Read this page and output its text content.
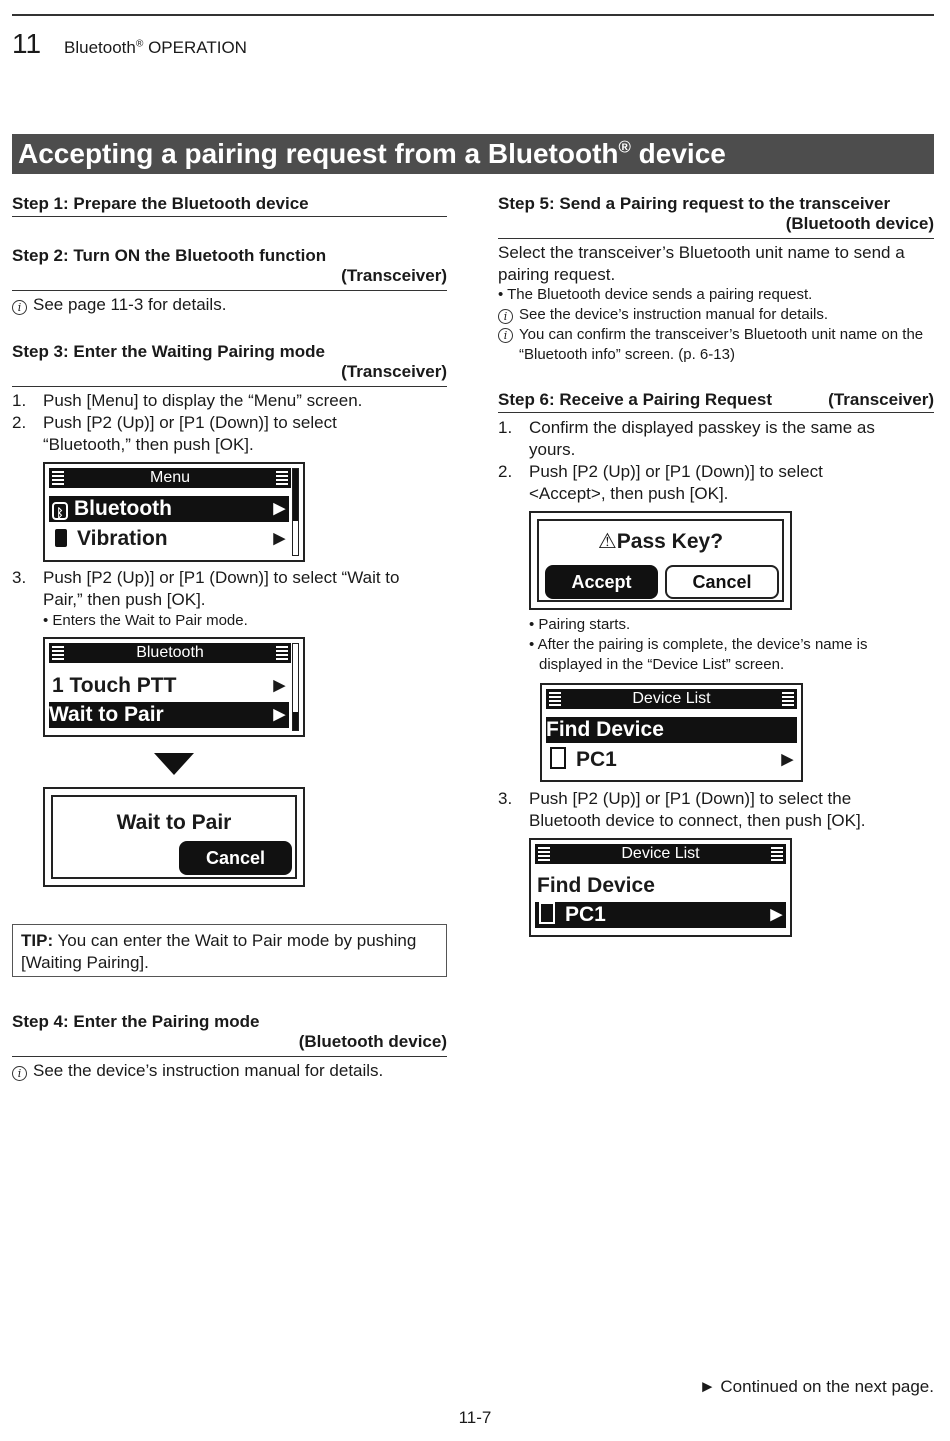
11 Bluetooth® OPERATION
Accepting a pairing request from a Bluetooth® device
Step 1: Prepare the Bluetooth device
Step 2: Turn ON the Bluetooth function
(Transceiver)
i See page 11-3 for details.
Step 3: Enter the Waiting Pairing mode
(Transceiver)
1. Push [Menu] to display the “Menu” screen.
2. Push [P2 (Up)] or [P1 (Down)] to select “Bluetooth,” then push [OK].
Menu
ᛒ Bluetooth	▶
Vibration	▶
3. Push [P2 (Up)] or [P1 (Down)] to select “Wait to Pair,” then push [OK].
• Enters the Wait to Pair mode.
Bluetooth
1 Touch PTT	▶
Wait to Pair	▶
Wait to Pair
Cancel
TIP: You can enter the Wait to Pair mode by pushing [Waiting Pairing].
Step 4: Enter the Pairing mode
(Bluetooth device)
i See the device’s instruction manual for details.
Step 5: Send a Pairing request to the transceiver
(Bluetooth device)
Select the transceiver’s Bluetooth unit name to send a pairing request.
• The Bluetooth device sends a pairing request.
i See the device’s instruction manual for details.
i You can confirm the transceiver’s Bluetooth unit name on the “Bluetooth info” screen. (p. 6-13)
Step 6: Receive a Pairing Request	(Transceiver)
1. Confirm the displayed passkey is the same as yours.
2. Push [P2 (Up)] or [P1 (Down)] to select <Accept>, then push [OK].
⚠Pass Key?
Accept	Cancel
• Pairing starts.
• After the pairing is complete, the device’s name is displayed in the “Device List” screen.
Device List
Find Device
PC1	▶
3. Push [P2 (Up)] or [P1 (Down)] to select the Bluetooth device to connect, then push [OK].
Device List
Find Device
PC1	▶
► Continued on the next page.
11-7
